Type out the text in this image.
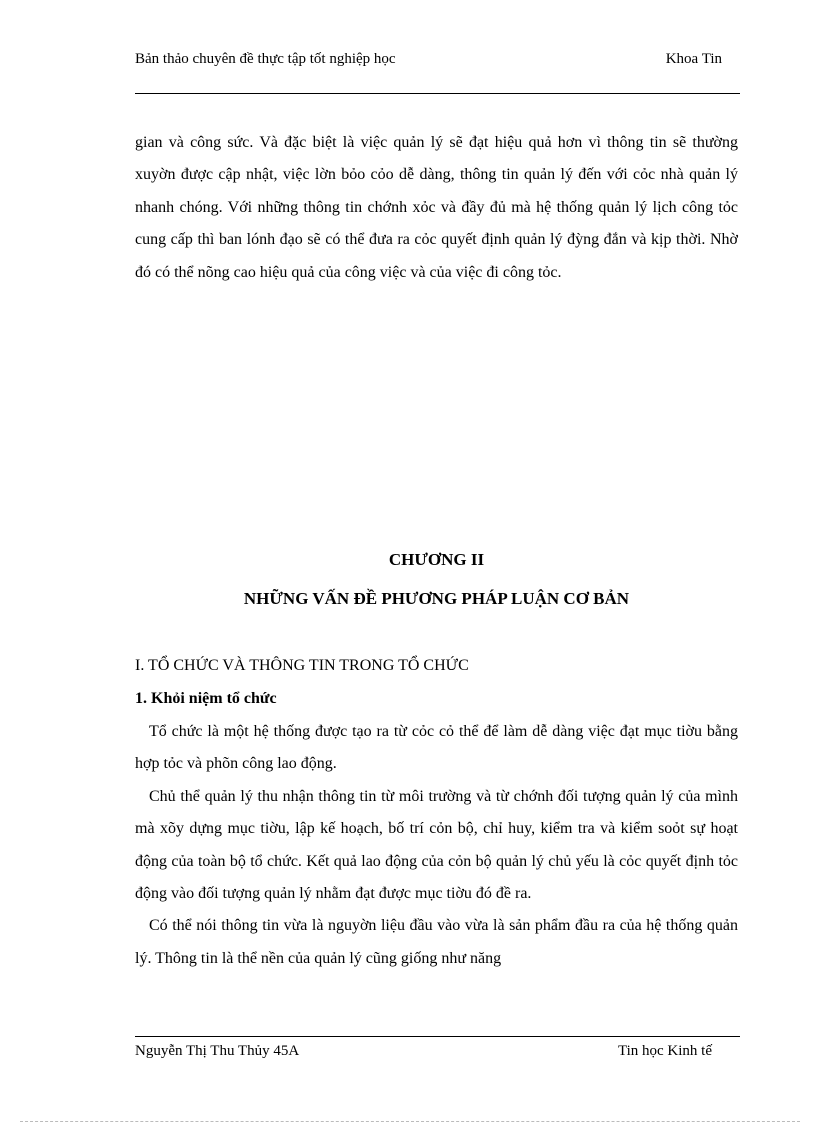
Bản thảo chuyên đề thực tập tốt nghiệp học	Khoa Tin
gian và công sức. Và đặc biệt là việc quản lý sẽ đạt hiệu quả hơn vì thông tin sẽ thường xuyờn được cập nhật, việc lờn bỏo cỏo dễ dàng, thông tin quản lý đến với cỏc nhà quản lý nhanh chóng. Với những thông tin chớnh xỏc và đầy đủ mà hệ thống quản lý lịch công tỏc cung cấp thì ban lónh đạo sẽ có thể đưa ra cỏc quyết định quản lý đỳng đắn và kịp thời. Nhờ đó có thể nõng cao hiệu quả của công việc và của việc đi công tỏc.
CHƯƠNG II
NHỮNG VẤN ĐỀ PHƯƠNG PHÁP LUẬN CƠ BẢN
I. TỔ CHỨC VÀ THÔNG TIN TRONG TỔ CHỨC
1. Khỏi niệm tổ chức

Tổ chức là một hệ thống được tạo ra từ cỏc cỏ thể để làm dễ dàng việc đạt mục tiờu bằng hợp tỏc và phõn công lao động.

Chủ thể quản lý thu nhận thông tin từ môi trường và từ chớnh đối tượng quản lý của mình mà xõy dựng mục tiờu, lập kế hoạch, bố trí cỏn bộ, chỉ huy, kiểm tra và kiểm soỏt sự hoạt động của toàn bộ tổ chức. Kết quả lao động của cỏn bộ quản lý chủ yếu là cỏc quyết định tỏc động vào đối tượng quản lý nhằm đạt được mục tiờu đó đề ra.

Có thể nói thông tin vừa là nguyờn liệu đầu vào vừa là sản phẩm đầu ra của hệ thống quản lý. Thông tin là thể nền của quản lý cũng giống như năng

Nguyễn Thị Thu Thủy 45A	Tin học Kinh tế
